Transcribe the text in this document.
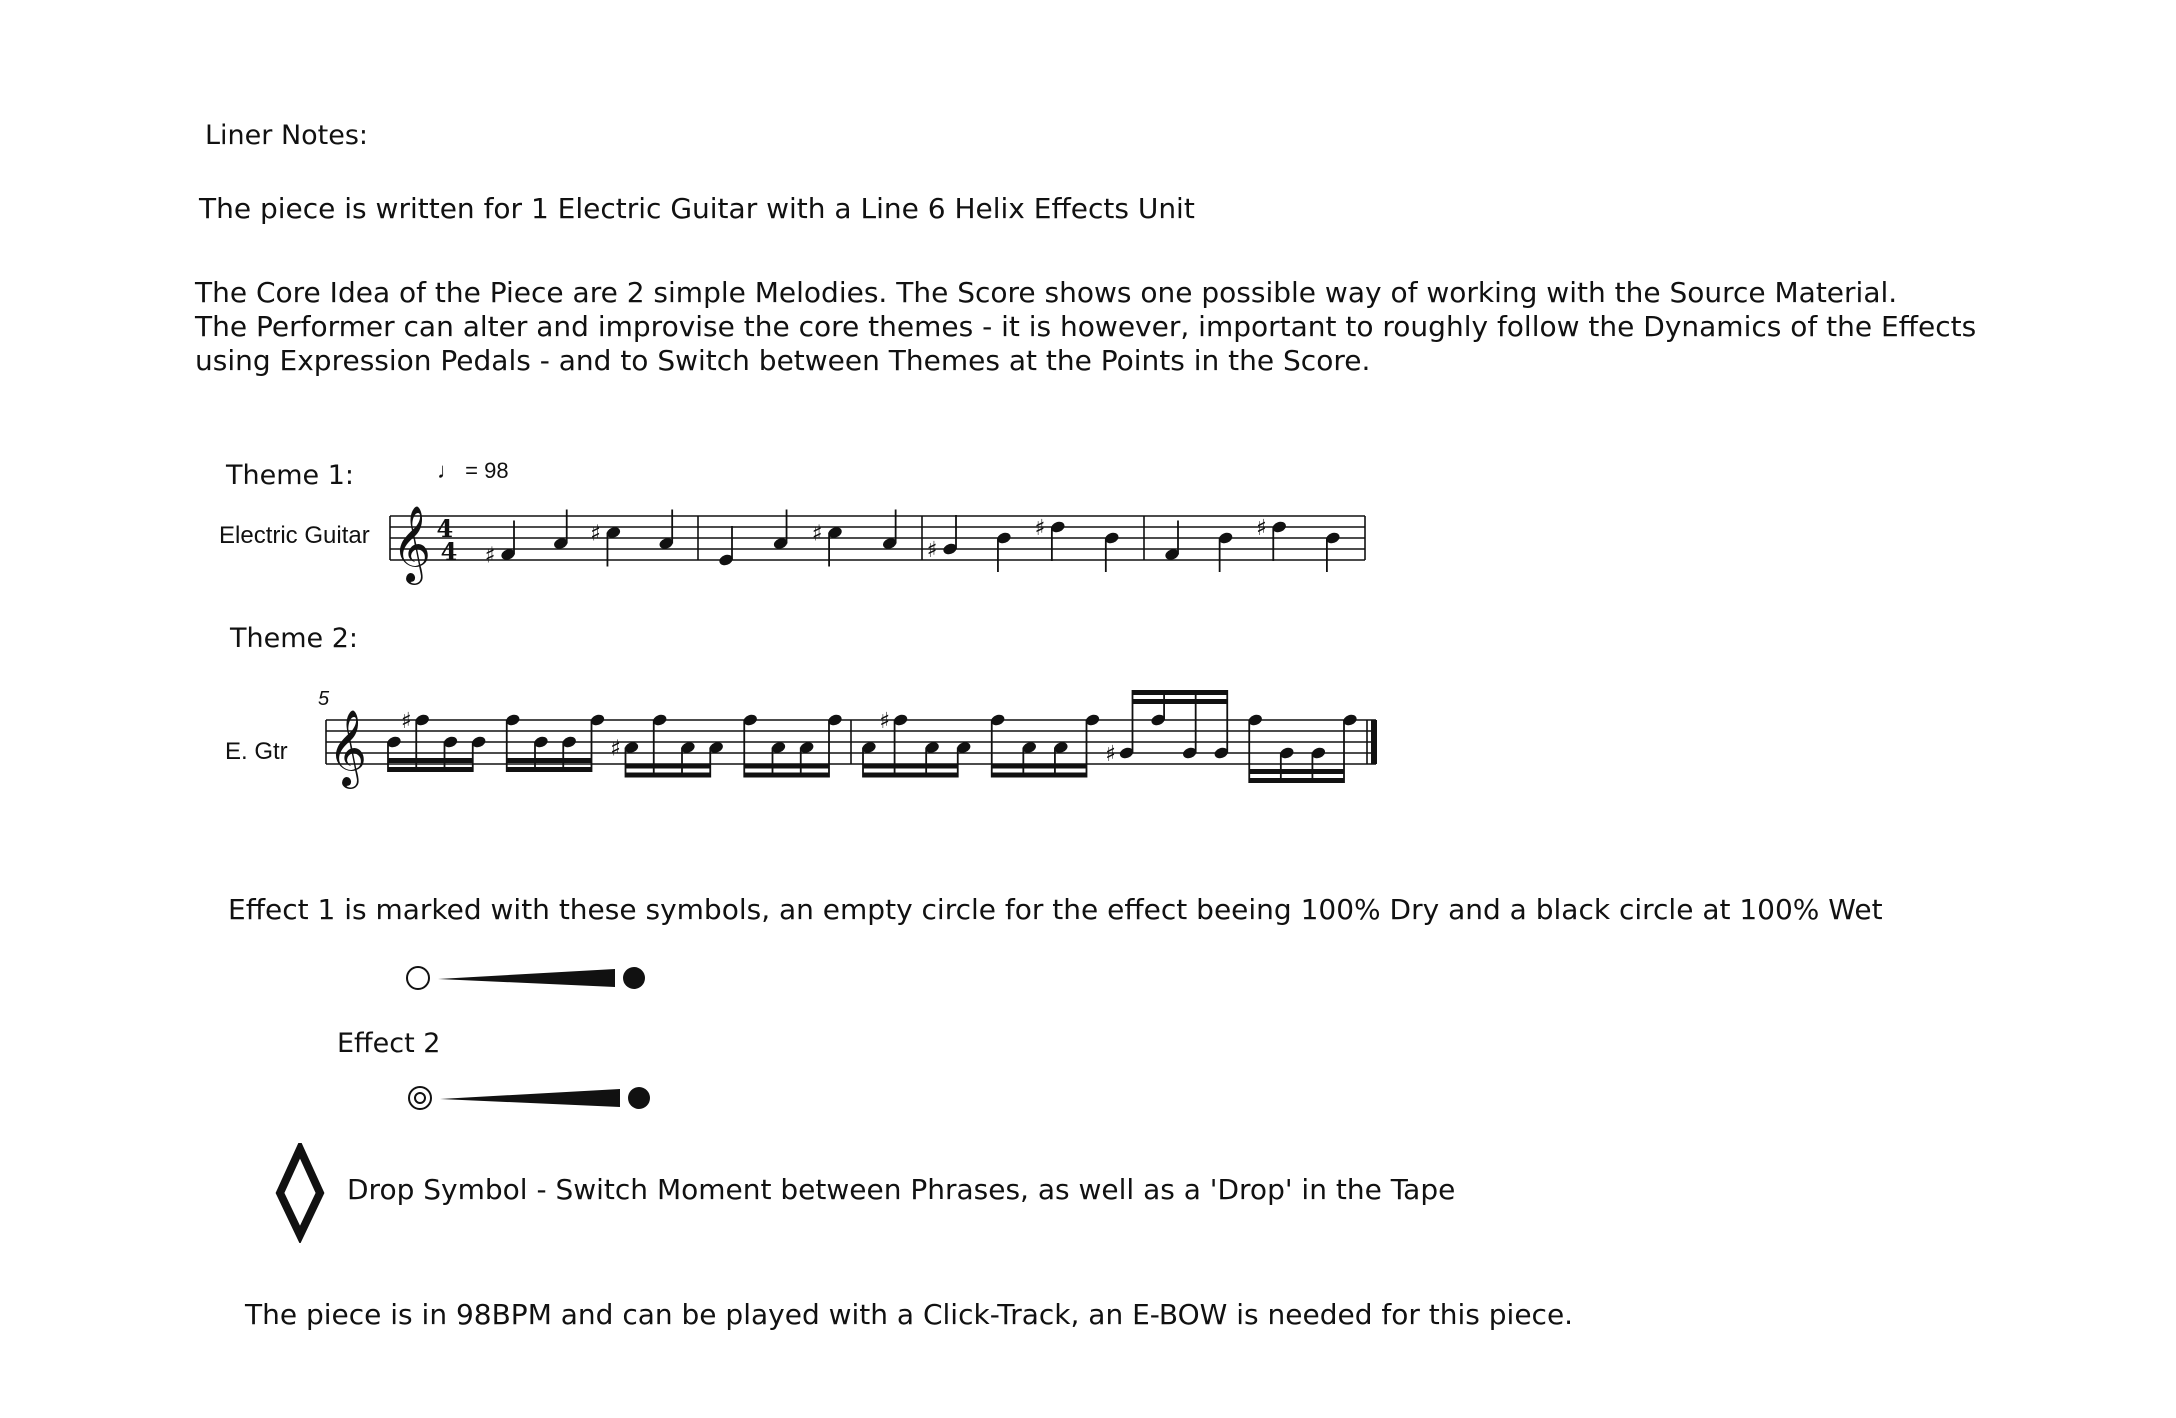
Liner Notes:
The piece is written for 1 Electric Guitar with a Line 6 Helix Effects Unit
The Core Idea of the Piece are 2 simple Melodies. The Score shows one possible way of working with the Source Material.
The Performer can alter and improvise the core themes - it is however, important to roughly follow the Dynamics of the Effects
using Expression Pedals - and to Switch between Themes at the Points in the Score.
Theme 1:
Electric Guitar
♩ = 98
𝄞 4 4 ♯
♯	♯
♯
♯	♯
Theme 2:
E. Gtr
5
𝄞 ♯
♯
♯
♯
Effect 1 is marked with these symbols, an empty circle for the effect beeing 100% Dry and a black circle at 100% Wet
Effect 2
Drop Symbol - Switch Moment between Phrases, as well as a 'Drop' in the Tape
The piece is in 98BPM and can be played with a Click-Track, an E-BOW is needed for this piece.
